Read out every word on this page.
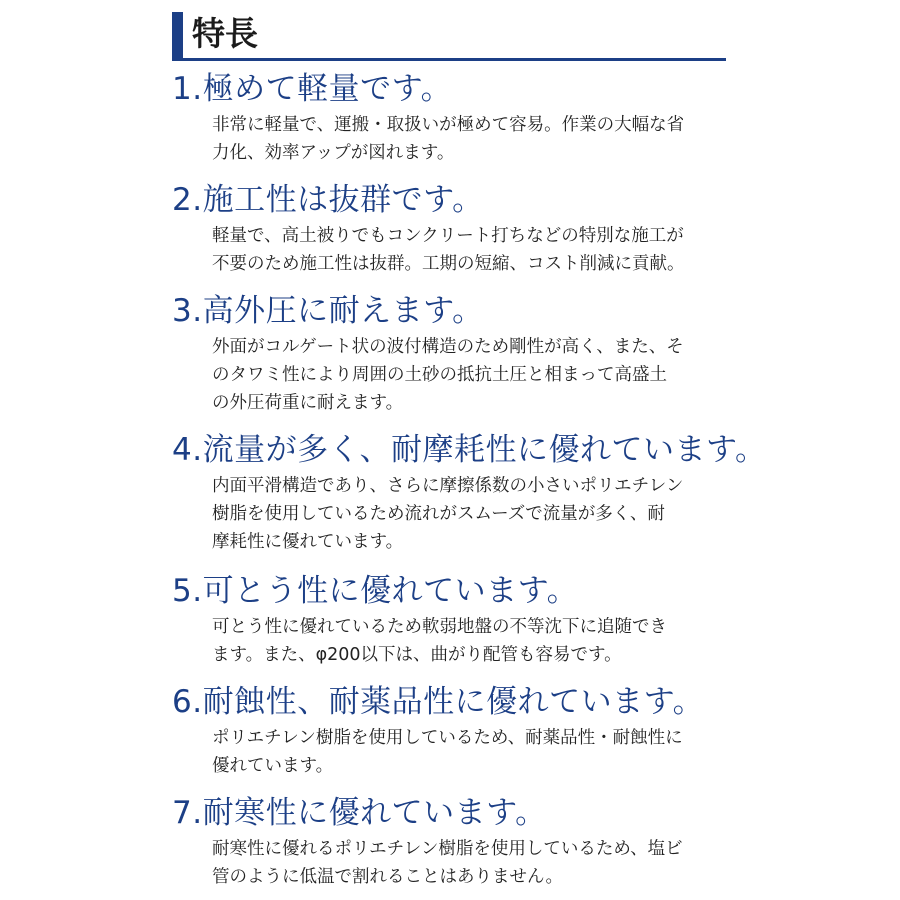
特長
1.極めて軽量です。
非常に軽量で、運搬・取扱いが極めて容易。作業の大幅な省
力化、効率アップが図れます。
2.施工性は抜群です。
軽量で、高土被りでもコンクリート打ちなどの特別な施工が
不要のため施工性は抜群。工期の短縮、コスト削減に貢献。
3.高外圧に耐えます。
外面がコルゲート状の波付構造のため剛性が高く、また、そ
のタワミ性により周囲の土砂の抵抗土圧と相まって高盛土
の外圧荷重に耐えます。
4.流量が多く、耐摩耗性に優れています。
内面平滑構造であり、さらに摩擦係数の小さいポリエチレン
樹脂を使用しているため流れがスムーズで流量が多く、耐
摩耗性に優れています。
5.可とう性に優れています。
可とう性に優れているため軟弱地盤の不等沈下に追随でき
ます。また、φ200以下は、曲がり配管も容易です。
6.耐蝕性、耐薬品性に優れています。
ポリエチレン樹脂を使用しているため、耐薬品性・耐蝕性に
優れています。
7.耐寒性に優れています。
耐寒性に優れるポリエチレン樹脂を使用しているため、塩ビ
管のように低温で割れることはありません。
